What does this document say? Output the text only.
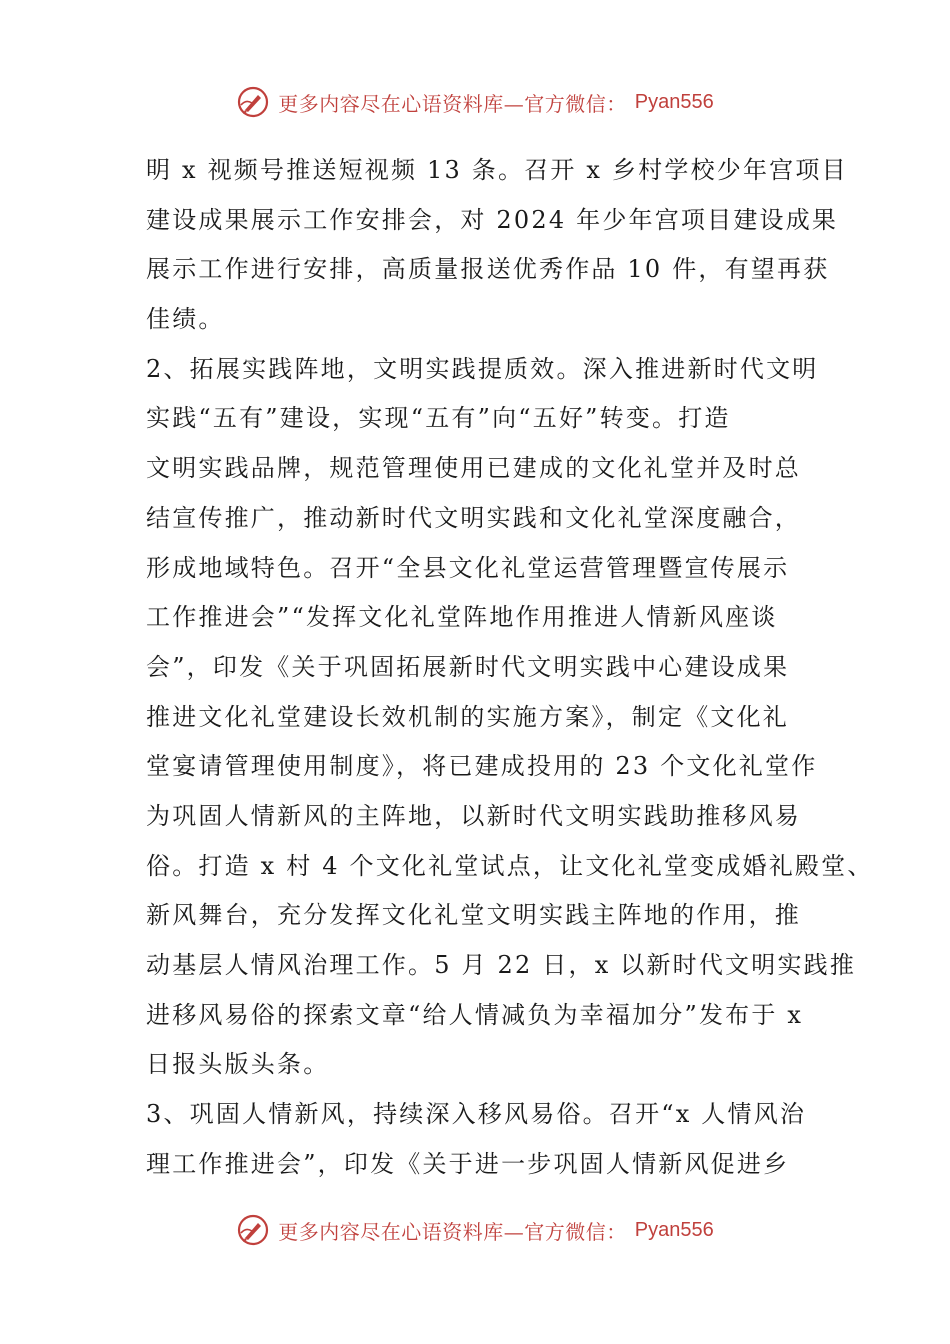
更多内容尽在心语资料库—官方微信： Pyan556

明 x 视频号推送短视频 13 条。召开 x 乡村学校少年宫项目

建设成果展示工作安排会，对 2024 年少年宫项目建设成果

展示工作进行安排，高质量报送优秀作品 10 件，有望再获

佳绩。

2、拓展实践阵地，文明实践提质效。深入推进新时代文明

实践“五有”建设，实现“五有”向“五好”转变。打造

文明实践品牌，规范管理使用已建成的文化礼堂并及时总

结宣传推广，推动新时代文明实践和文化礼堂深度融合，

形成地域特色。召开“全县文化礼堂运营管理暨宣传展示

工作推进会”“发挥文化礼堂阵地作用推进人情新风座谈

会”，印发《关于巩固拓展新时代文明实践中心建设成果

推进文化礼堂建设长效机制的实施方案》，制定《文化礼

堂宴请管理使用制度》，将已建成投用的 23 个文化礼堂作

为巩固人情新风的主阵地，以新时代文明实践助推移风易

俗。打造 x 村 4 个文化礼堂试点，让文化礼堂变成婚礼殿堂、

新风舞台，充分发挥文化礼堂文明实践主阵地的作用，推

动基层人情风治理工作。5 月 22 日，x 以新时代文明实践推

进移风易俗的探索文章“给人情减负为幸福加分”发布于 x

日报头版头条。

3、巩固人情新风，持续深入移风易俗。召开“x 人情风治

理工作推进会”，印发《关于进一步巩固人情新风促进乡

更多内容尽在心语资料库—官方微信： Pyan556
